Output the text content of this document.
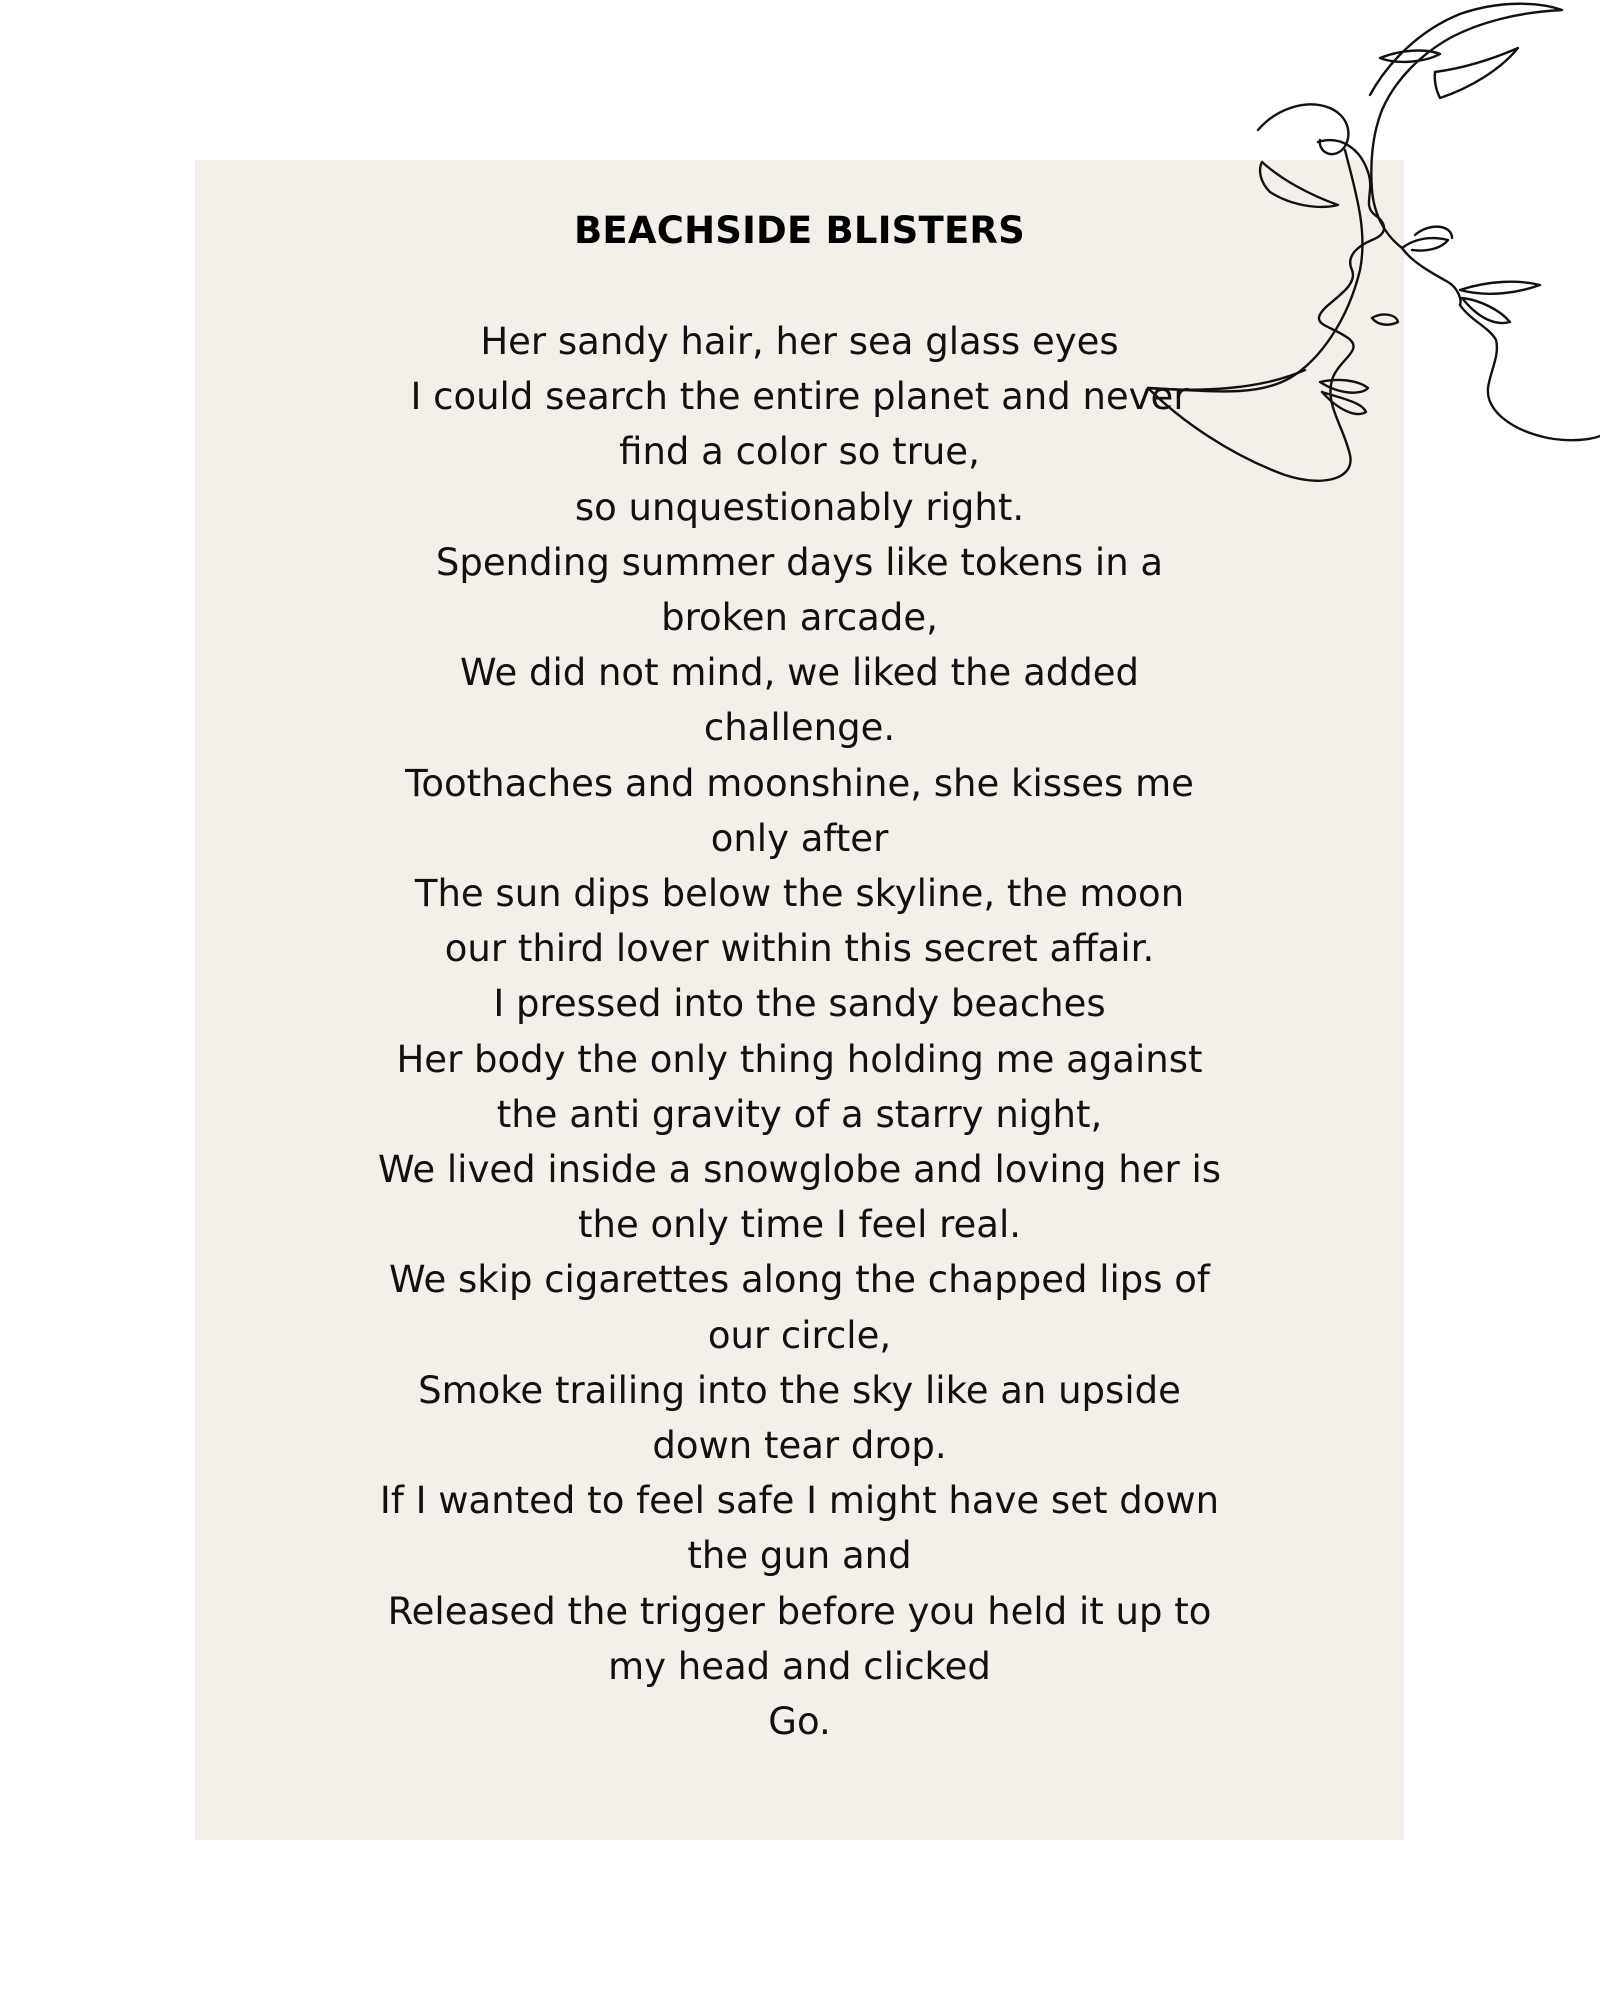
BEACHSIDE BLISTERS
Her sandy hair, her sea glass eyes
I could search the entire planet and never
find a color so true,
so unquestionably right.
Spending summer days like tokens in a
broken arcade,
We did not mind, we liked the added
challenge.
Toothaches and moonshine, she kisses me
only after
The sun dips below the skyline, the moon
our third lover within this secret affair.
I pressed into the sandy beaches
Her body the only thing holding me against
the anti gravity of a starry night,
We lived inside a snowglobe and loving her is
the only time I feel real.
We skip cigarettes along the chapped lips of
our circle,
Smoke trailing into the sky like an upside
down tear drop.
If I wanted to feel safe I might have set down
the gun and
Released the trigger before you held it up to
my head and clicked
Go.
